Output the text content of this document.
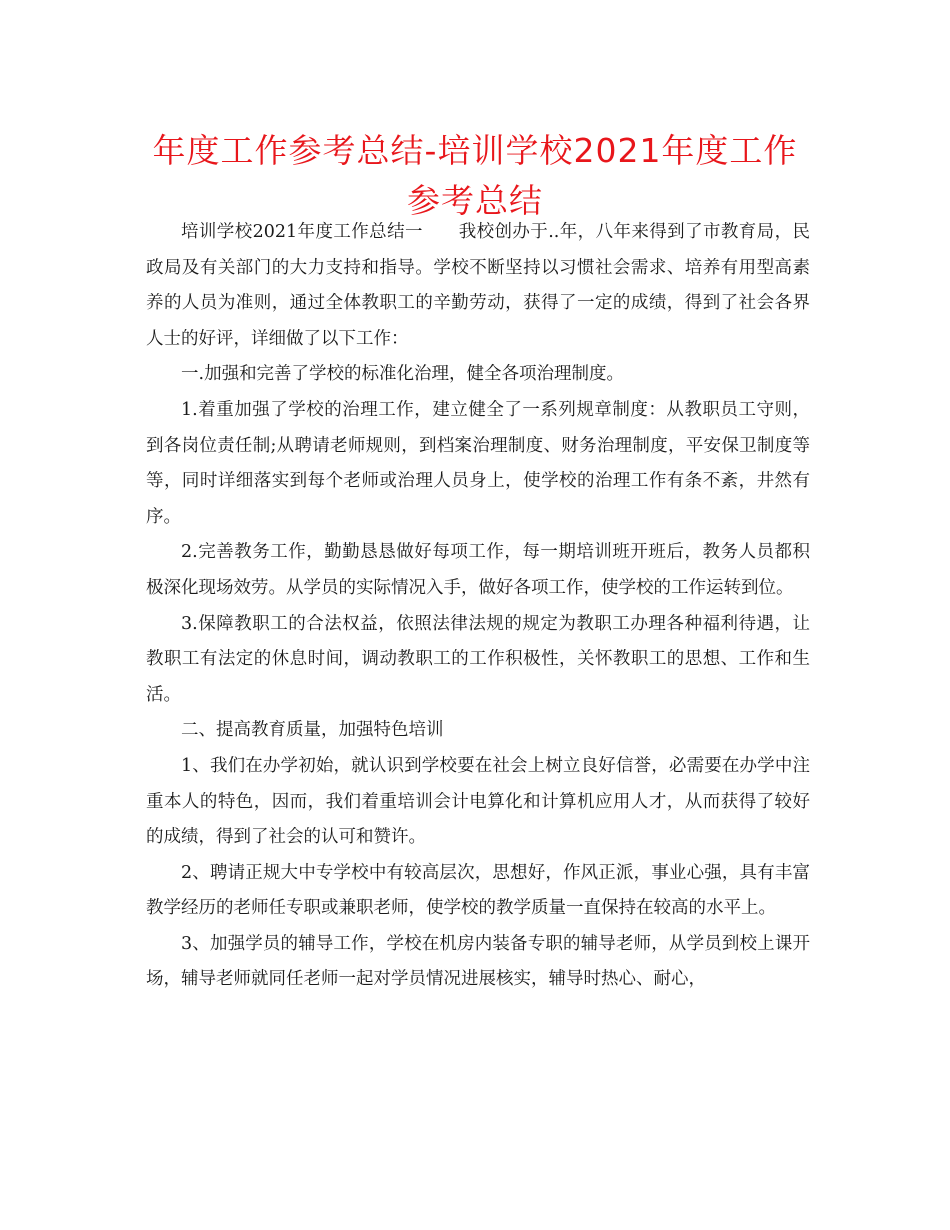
年度工作参考总结-培训学校2021年度工作参考总结

培训学校2021年度工作总结一　　我校创办于..年，八年来得到了市教育局，民政局及有关部门的大力支持和指导。学校不断坚持以习惯社会需求、培养有用型高素养的人员为准则，通过全体教职工的辛勤劳动，获得了一定的成绩，得到了社会各界人士的好评，详细做了以下工作：

一.加强和完善了学校的标准化治理，健全各项治理制度。

1.着重加强了学校的治理工作，建立健全了一系列规章制度：从教职员工守则，到各岗位责任制;从聘请老师规则，到档案治理制度、财务治理制度，平安保卫制度等等，同时详细落实到每个老师或治理人员身上，使学校的治理工作有条不紊，井然有序。

2.完善教务工作，勤勤恳恳做好每项工作，每一期培训班开班后，教务人员都积极深化现场效劳。从学员的实际情况入手，做好各项工作，使学校的工作运转到位。

3.保障教职工的合法权益，依照法律法规的规定为教职工办理各种福利待遇，让教职工有法定的休息时间，调动教职工的工作积极性，关怀教职工的思想、工作和生活。

二、提高教育质量，加强特色培训

1、我们在办学初始，就认识到学校要在社会上树立良好信誉，必需要在办学中注重本人的特色，因而，我们着重培训会计电算化和计算机应用人才，从而获得了较好的成绩，得到了社会的认可和赞许。

2、聘请正规大中专学校中有较高层次，思想好，作风正派，事业心强，具有丰富教学经历的老师任专职或兼职老师，使学校的教学质量一直保持在较高的水平上。

3、加强学员的辅导工作，学校在机房内装备专职的辅导老师，从学员到校上课开场，辅导老师就同任老师一起对学员情况进展核实，辅导时热心、耐心，
